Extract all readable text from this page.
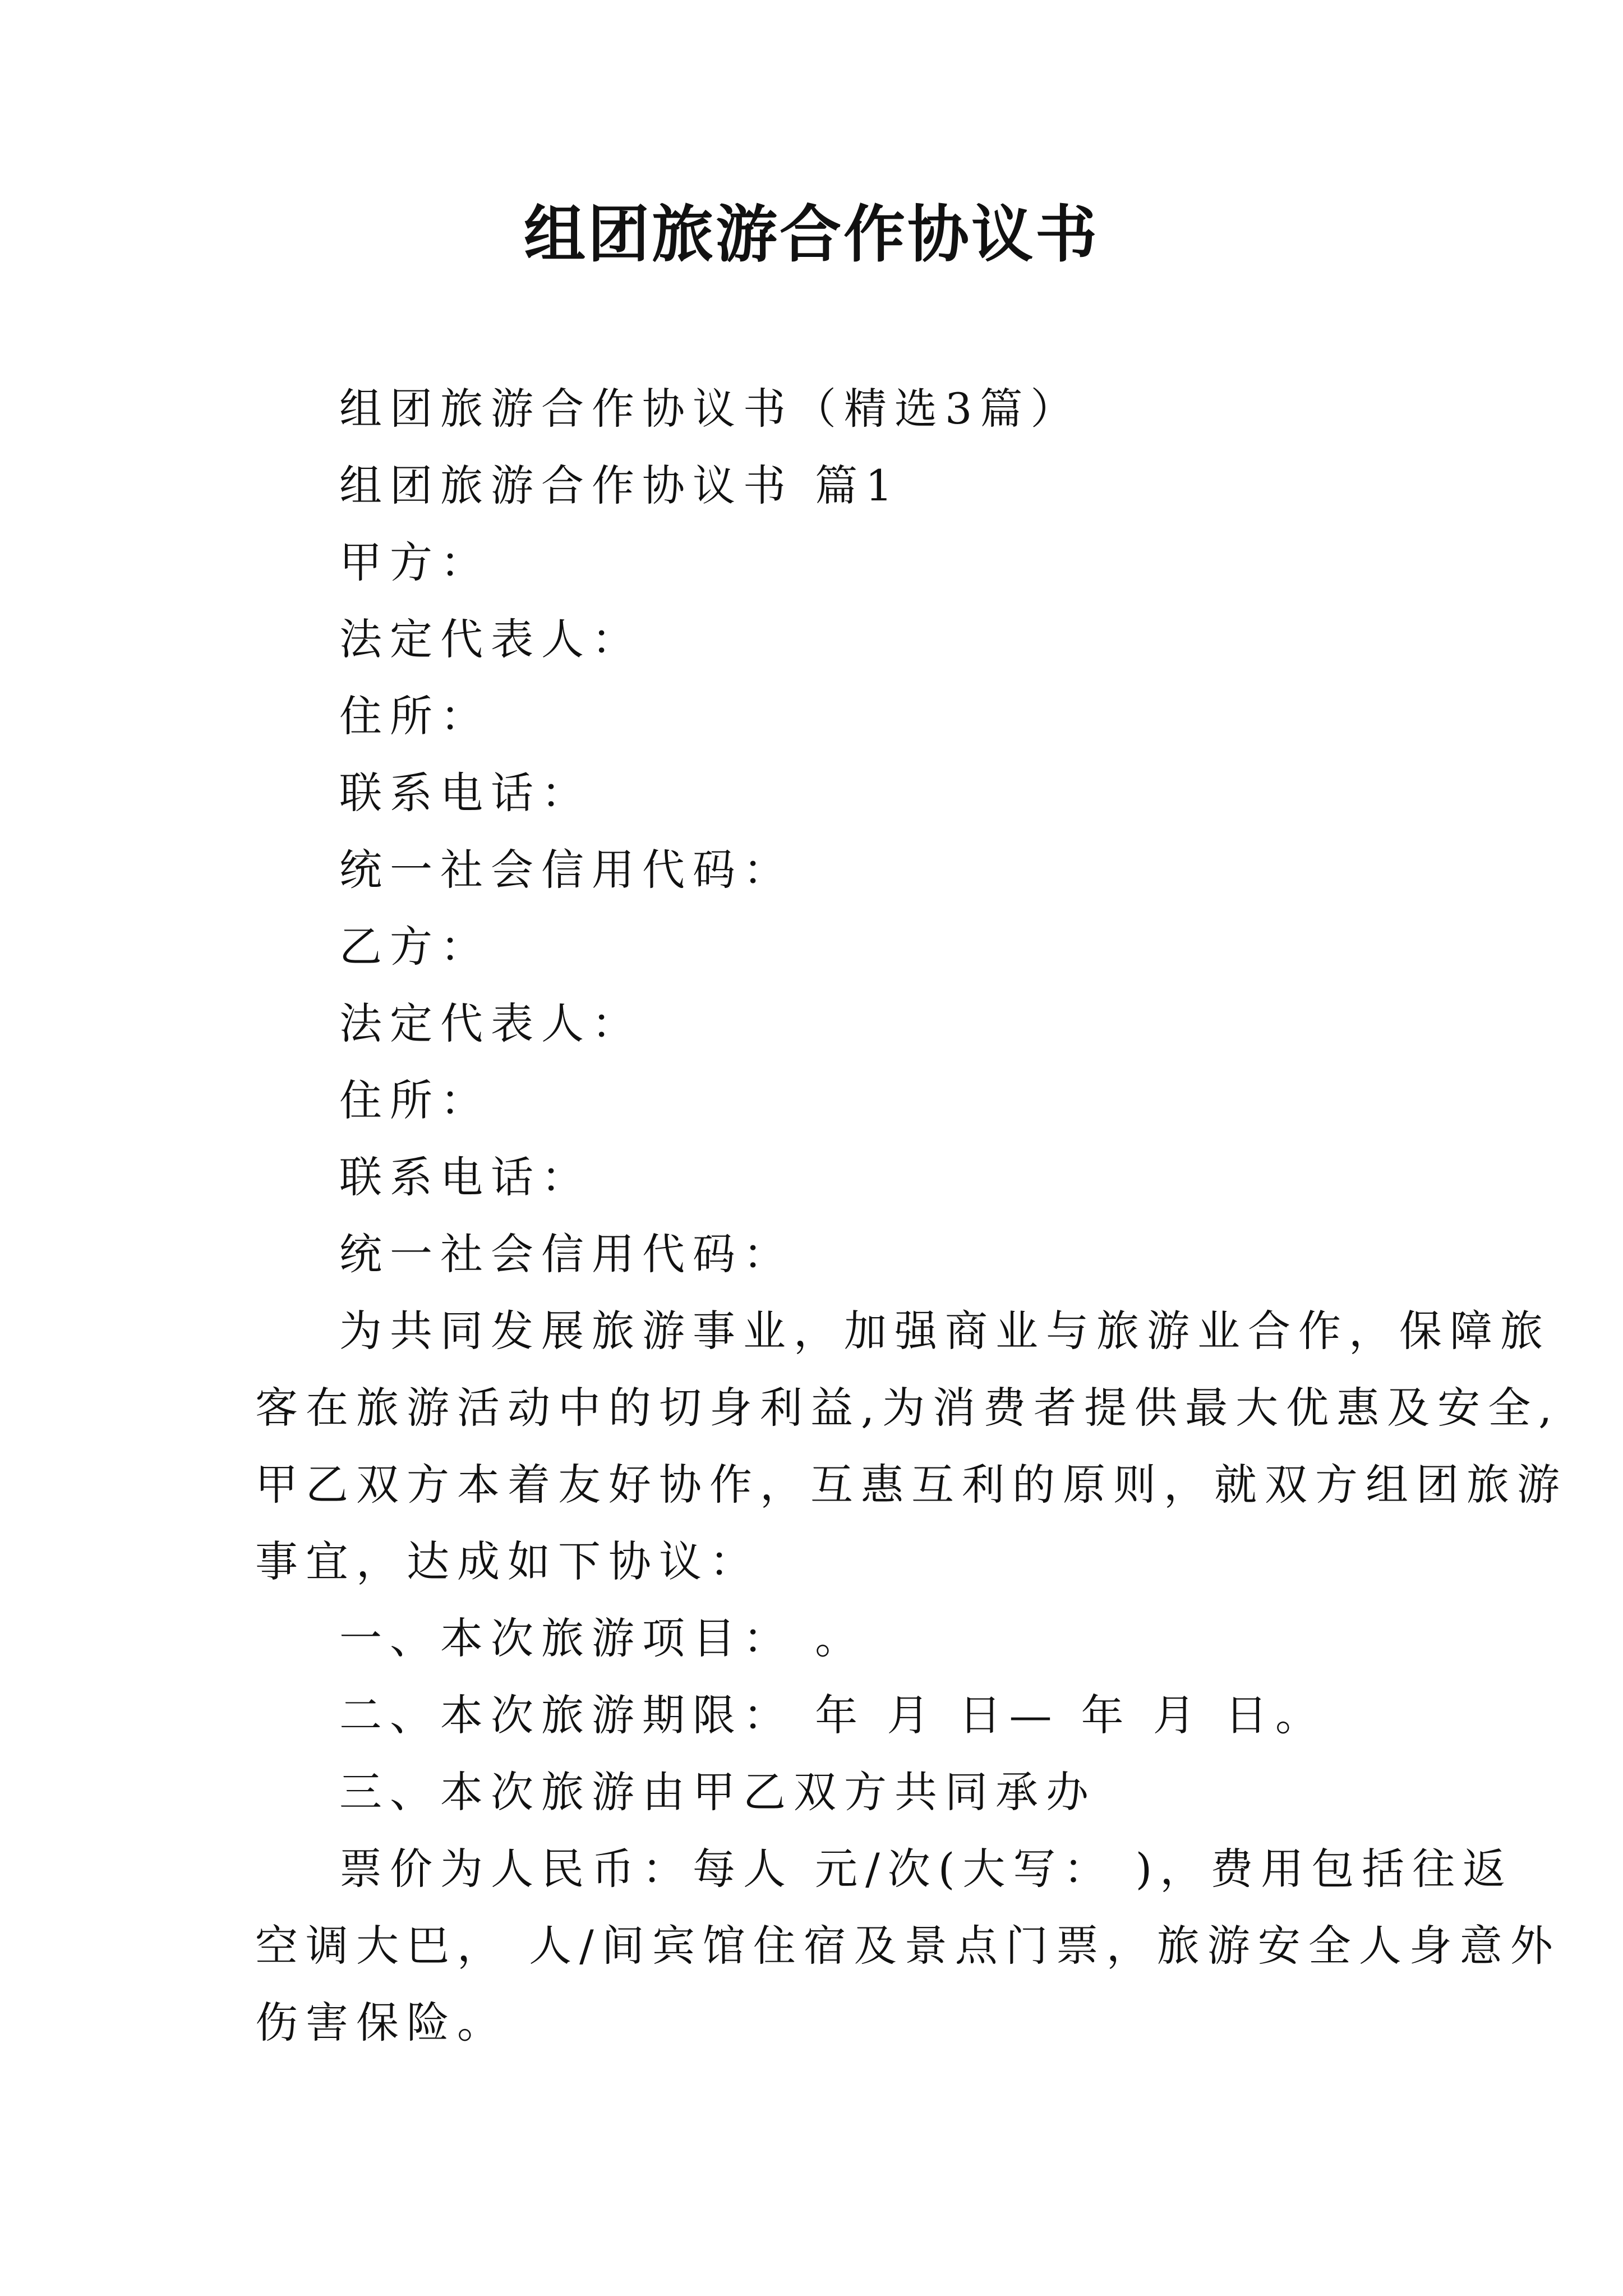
组团旅游合作协议书
组团旅游合作协议书（精选3篇）
组团旅游合作协议书 篇1
甲方：
法定代表人：
住所：
联系电话：
统一社会信用代码：
乙方：
法定代表人：
住所：
联系电话：
统一社会信用代码：
为共同发展旅游事业，加强商业与旅游业合作，保障旅
客在旅游活动中的切身利益,为消费者提供最大优惠及安全,
甲乙双方本着友好协作，互惠互利的原则，就双方组团旅游
事宜，达成如下协议：
一、本次旅游项目： 。
二、本次旅游期限： 年 月 日— 年 月 日。
三、本次旅游由甲乙双方共同承办
票价为人民币：每人 元/次(大写： )，费用包括往返
空调大巴， 人/间宾馆住宿及景点门票，旅游安全人身意外
伤害保险。
